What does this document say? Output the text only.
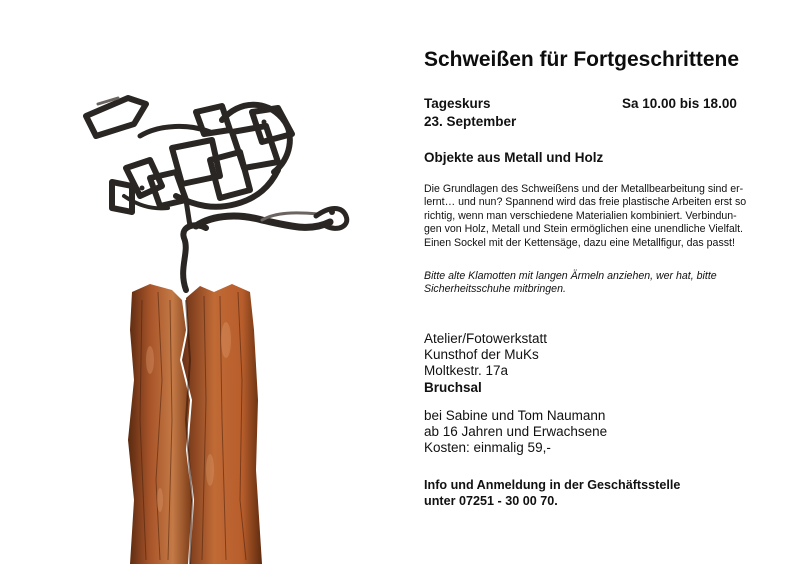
Schweißen für Fortgeschrittene
Tageskurs	Sa 10.00 bis 18.00
23. September
Objekte aus Metall und Holz
Die Grundlagen des Schweißens und der Metallbearbeitung sind er-
lernt… und nun? Spannend wird das freie plastische Arbeiten erst so
richtig, wenn man verschiedene Materialien kombiniert. Verbindun-
gen von Holz, Metall und Stein ermöglichen eine unendliche Vielfalt.
Einen Sockel mit der Kettensäge, dazu eine Metallfigur, das passt!
Bitte alte Klamotten mit langen Ärmeln anziehen, wer hat, bitte
Sicherheitsschuhe mitbringen.
Atelier/Fotowerkstatt
Kunsthof der MuKs
Moltkestr. 17a
Bruchsal
bei Sabine und Tom Naumann
ab 16 Jahren und Erwachsene
Kosten: einmalig 59,-
Info und Anmeldung in der Geschäftsstelle
unter 07251 - 30 00 70.
